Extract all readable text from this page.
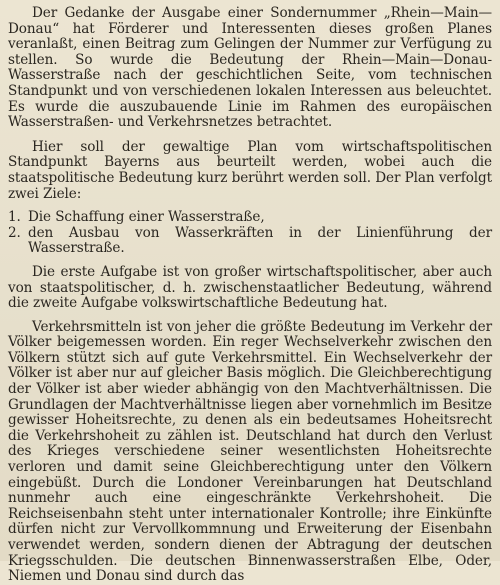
Der Gedanke der Ausgabe einer Sondernummer „Rhein—Main—Donau“ hat Förderer und Interessenten dieses großen Planes veranlaßt, einen Beitrag zum Gelingen der Nummer zur Verfügung zu stellen. So wurde die Bedeutung der Rhein—Main—Donau-Wasserstraße nach der geschichtlichen Seite, vom technischen Standpunkt und von verschiedenen lokalen Interessen aus beleuchtet. Es wurde die auszubauende Linie im Rahmen des europäischen Wasserstraßen- und Verkehrsnetzes betrachtet.

Hier soll der gewaltige Plan vom wirtschaftspolitischen Standpunkt Bayerns aus beurteilt werden, wobei auch die staatspolitische Bedeutung kurz berührt werden soll. Der Plan verfolgt zwei Ziele:

1. Die Schaffung einer Wasserstraße,
2. den Ausbau von Wasserkräften in der Linienführung der Wasserstraße.

Die erste Aufgabe ist von großer wirtschaftspolitischer, aber auch von staatspolitischer, d. h. zwischenstaatlicher Bedeutung, während die zweite Aufgabe volkswirtschaftliche Bedeutung hat.

Verkehrsmitteln ist von jeher die größte Bedeutung im Verkehr der Völker beigemessen worden. Ein reger Wechselverkehr zwischen den Völkern stützt sich auf gute Verkehrsmittel. Ein Wechselverkehr der Völker ist aber nur auf gleicher Basis möglich. Die Gleichberechtigung der Völker ist aber wieder abhängig von den Machtverhältnissen. Die Grundlagen der Machtverhältnisse liegen aber vornehmlich im Besitze gewisser Hoheitsrechte, zu denen als ein bedeutsames Hoheitsrecht die Verkehrshoheit zu zählen ist. Deutschland hat durch den Verlust des Krieges verschiedene seiner wesentlichsten Hoheitsrechte verloren und damit seine Gleichberechtigung unter den Völkern eingebüßt. Durch die Londoner Vereinbarungen hat Deutschland nunmehr auch eine eingeschränkte Verkehrshoheit. Die Reichseisenbahn steht unter internationaler Kontrolle; ihre Einkünfte dürfen nicht zur Vervollkommnung und Erweiterung der Eisenbahn verwendet werden, sondern dienen der Abtragung der deutschen Kriegsschulden. Die deutschen Binnenwasserstraßen Elbe, Oder, Niemen und Donau sind durch das
